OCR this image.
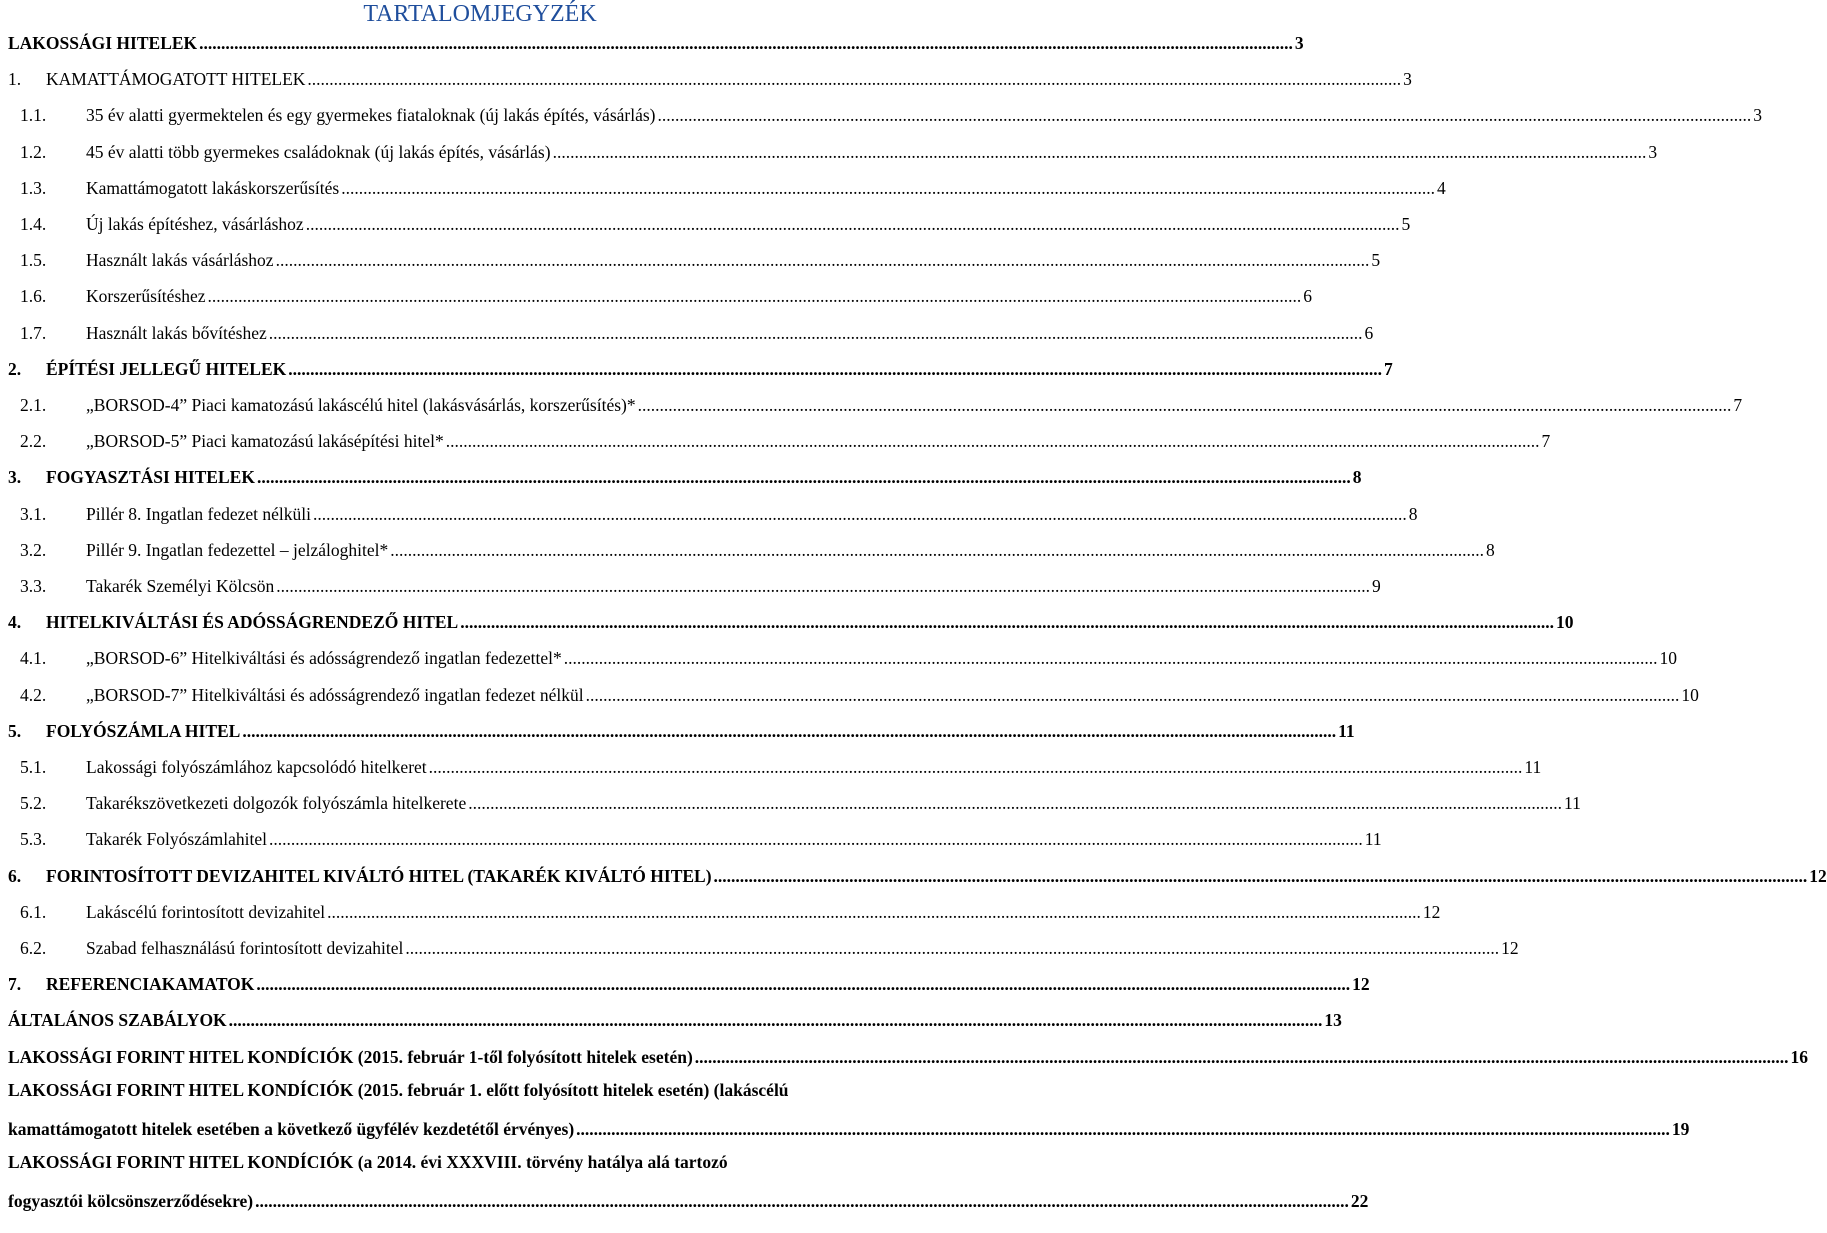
TARTALOMJEGYZÉK
LAKOSSÁGI HITELEK .....	3
1.	KAMATTÁMOGATOTT HITELEK .....	3
1.1.	35 év alatti gyermektelen és egy gyermekes fiataloknak (új lakás építés, vásárlás) .....	3
1.2.	45 év alatti több gyermekes családoknak (új lakás építés, vásárlás) .....	3
1.3.	Kamattámogatott lakáskorszerűsítés .....	4
1.4.	Új lakás építéshez, vásárláshoz .....	5
1.5.	Használt lakás vásárláshoz .....	5
1.6.	Korszerűsítéshez .....	6
1.7.	Használt lakás bővítéshez .....	6
2.	ÉPÍTÉSI JELLEGŰ HITELEK .....	7
2.1.	„BORSOD-4” Piaci kamatozású lakáscélú hitel (lakásvásárlás, korszerűsítés)* .....	7
2.2.	„BORSOD-5” Piaci kamatozású lakásépítési hitel* .....	7
3.	FOGYASZTÁSI HITELEK .....	8
3.1.	Pillér 8. Ingatlan fedezet nélküli .....	8
3.2.	Pillér 9. Ingatlan fedezettel – jelzáloghitel* .....	8
3.3.	Takarék Személyi Kölcsön .....	9
4.	HITELKIVÁLTÁSI ÉS ADÓSSÁGRENDEZŐ HITEL .....	10
4.1.	„BORSOD-6” Hitelkiváltási és adósságrendező ingatlan fedezettel* .....	10
4.2.	„BORSOD-7” Hitelkiváltási és adósságrendező ingatlan fedezet nélkül .....	10
5.	FOLYÓSZÁMLA HITEL .....	11
5.1.	Lakossági folyószámlához kapcsolódó hitelkeret .....	11
5.2.	Takarékszövetkezeti dolgozók folyószámla hitelkerete .....	11
5.3.	Takarék Folyószámlahitel .....	11
6.	FORINTOSÍTOTT DEVIZAHITEL KIVÁLTÓ HITEL (TAKARÉK KIVÁLTÓ HITEL) .....	12
6.1.	Lakáscélú forintosított devizahitel .....	12
6.2.	Szabad felhasználású forintosított devizahitel .....	12
7.	REFERENCIAKAMATOK .....	12
ÁLTALÁNOS SZABÁLYOK .....	13
LAKOSSÁGI FORINT HITEL KONDÍCIÓK (2015. február 1-től folyósított hitelek esetén) .....	16
LAKOSSÁGI FORINT HITEL KONDÍCIÓK (2015. február 1. előtt folyósított hitelek esetén) (lakáscélú
kamattámogatott hitelek esetében a következő ügyfélév kezdetétől érvényes) .....	19
LAKOSSÁGI FORINT HITEL KONDÍCIÓK (a 2014. évi XXXVIII. törvény hatálya alá tartozó
fogyasztói kölcsönszerződésekre) .....	22
